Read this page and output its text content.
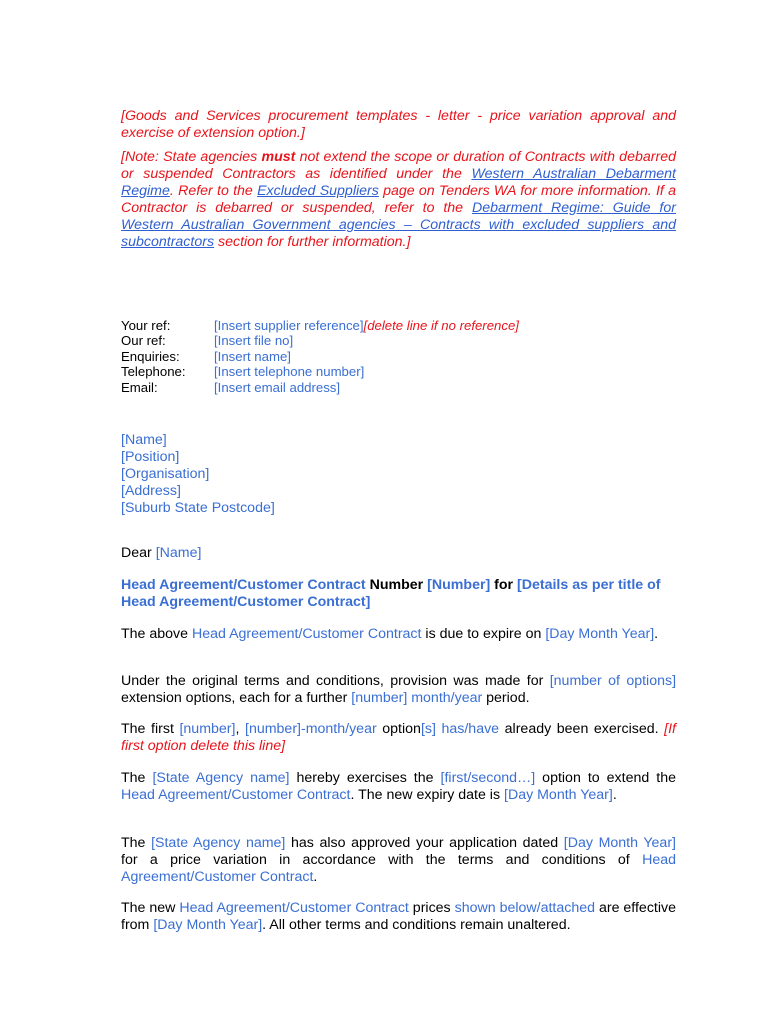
[Goods and Services procurement templates - letter - price variation approval and exercise of extension option.]

[Note: State agencies must not extend the scope or duration of Contracts with debarred or suspended Contractors as identified under the Western Australian Debarment Regime. Refer to the Excluded Suppliers page on Tenders WA for more information. If a Contractor is debarred or suspended, refer to the Debarment Regime: Guide for Western Australian Government agencies – Contracts with excluded suppliers and subcontractors section for further information.]

Your ref:	[Insert supplier reference] [delete line if no reference]
Our ref:	[Insert file no]
Enquiries:	[Insert name]
Telephone:	[Insert telephone number]
Email:	[Insert email address]
[Name]
[Position]
[Organisation]
[Address]
[Suburb State Postcode]

Dear [Name]

Head Agreement/Customer Contract Number [Number] for [Details as per title of Head Agreement/Customer Contract]

The above Head Agreement/Customer Contract is due to expire on [Day Month Year].

Under the original terms and conditions, provision was made for [number of options] extension options, each for a further [number] month/year period.

The first [number], [number]-month/year option[s] has/have already been exercised. [If first option delete this line]

The [State Agency name] hereby exercises the [first/second…] option to extend the Head Agreement/Customer Contract. The new expiry date is [Day Month Year].

The [State Agency name] has also approved your application dated [Day Month Year] for a price variation in accordance with the terms and conditions of Head Agreement/Customer Contract.

The new Head Agreement/Customer Contract prices shown below/attached are effective from [Day Month Year]. All other terms and conditions remain unaltered.
